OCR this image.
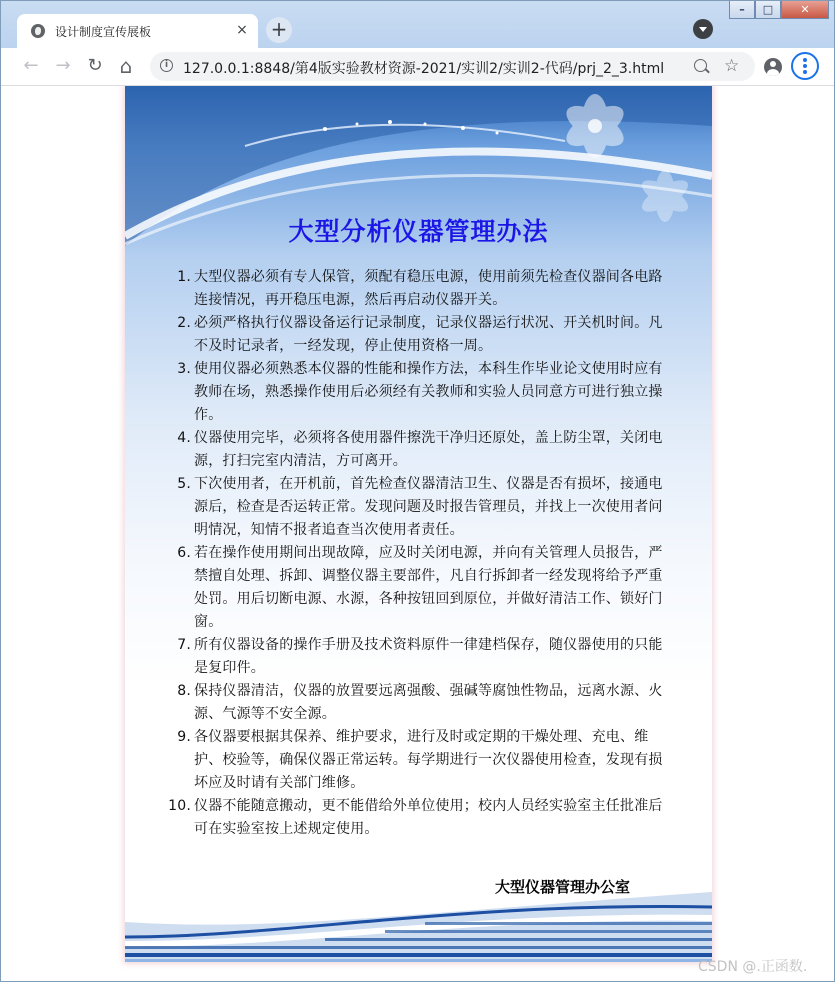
设计制度宣传展板	× +
–	□	✕
← → ↻ ⌂	i	127.0.0.1:8848/第4版实验教材资源-2021/实训2/实训2-代码/prj_2_3.html	☆
大型分析仪器管理办法
1. 大型仪器必须有专人保管，须配有稳压电源，使用前须先检查仪器间各电路连接情况，再开稳压电源，然后再启动仪器开关。
2. 必须严格执行仪器设备运行记录制度，记录仪器运行状况、开关机时间。凡不及时记录者，一经发现，停止使用资格一周。
3. 使用仪器必须熟悉本仪器的性能和操作方法，本科生作毕业论文使用时应有教师在场，熟悉操作使用后必须经有关教师和实验人员同意方可进行独立操作。
4. 仪器使用完毕，必须将各使用器件擦洗干净归还原处，盖上防尘罩，关闭电源，打扫完室内清洁，方可离开。
5. 下次使用者，在开机前，首先检查仪器清洁卫生、仪器是否有损坏，接通电源后，检查是否运转正常。发现问题及时报告管理员，并找上一次使用者问明情况，知情不报者追查当次使用者责任。
6. 若在操作使用期间出现故障，应及时关闭电源，并向有关管理人员报告，严禁擅自处理、拆卸、调整仪器主要部件，凡自行拆卸者一经发现将给予严重处罚。用后切断电源、水源，各种按钮回到原位，并做好清洁工作、锁好门窗。
7. 所有仪器设备的操作手册及技术资料原件一律建档保存，随仪器使用的只能是复印件。
8. 保持仪器清洁，仪器的放置要远离强酸、强碱等腐蚀性物品，远离水源、火源、气源等不安全源。
9. 各仪器要根据其保养、维护要求，进行及时或定期的干燥处理、充电、维护、校验等，确保仪器正常运转。每学期进行一次仪器使用检查，发现有损坏应及时请有关部门维修。
10. 仪器不能随意搬动，更不能借给外单位使用；校内人员经实验室主任批准后可在实验室按上述规定使用。
大型仪器管理办公室
CSDN @.正函数.
